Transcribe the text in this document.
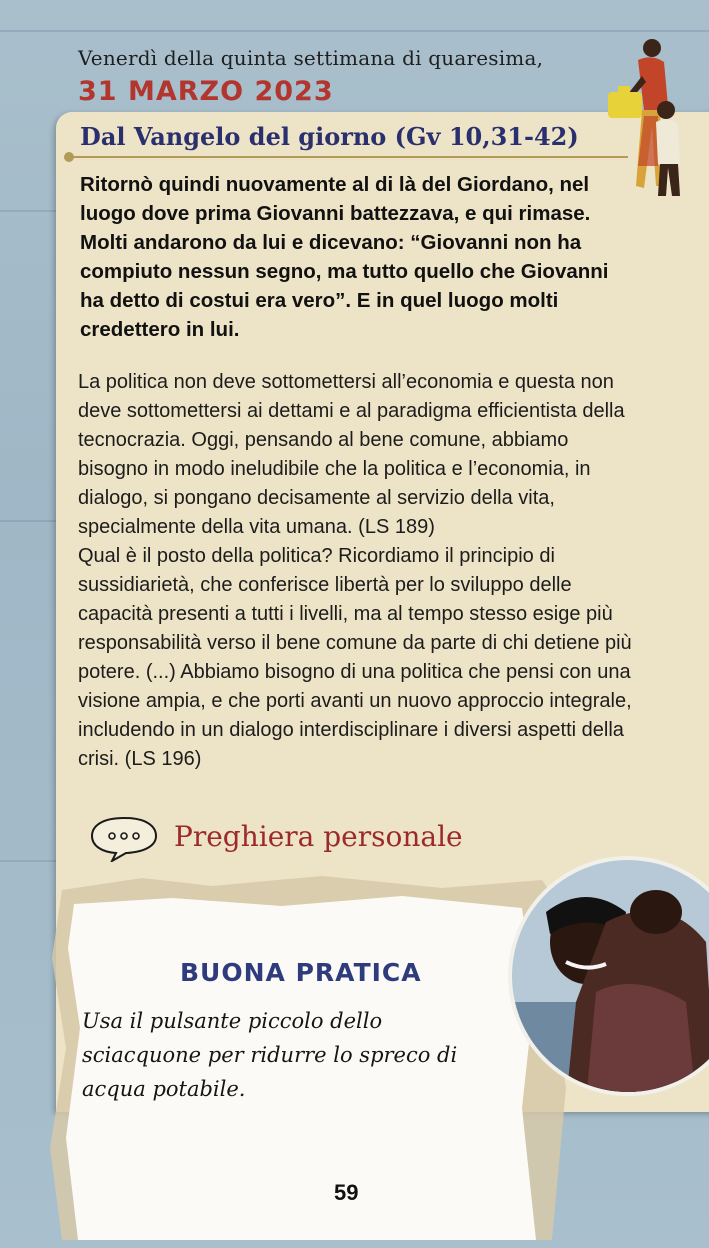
Venerdì della quinta settimana di quaresima,
31 MARZO 2023
Dal Vangelo del giorno (Gv 10,31-42)

Ritornò quindi nuovamente al di là del Giordano, nel luogo dove prima Giovanni battezzava, e qui rimase. Molti andarono da lui e dicevano: “Giovanni non ha compiuto nessun segno, ma tutto quello che Giovanni ha detto di costui era vero”. E in quel luogo molti credettero in lui.

La politica non deve sottomettersi all’economia e questa non deve sottomettersi ai dettami e al paradigma efficientista della tecnocrazia. Oggi, pensando al bene comune, abbiamo bisogno in modo ineludibile che la politica e l’economia, in dialogo, si pongano decisamente al servizio della vita, specialmente della vita umana. (LS 189)

Qual è il posto della politica? Ricordiamo il principio di sussidiarietà, che conferisce libertà per lo sviluppo delle capacità presenti a tutti i livelli, ma al tempo stesso esige più responsabilità verso il bene comune da parte di chi detiene più potere. (...) Abbiamo bisogno di una politica che pensi con una visione ampia, e che porti avanti un nuovo approccio integrale, includendo in un dialogo interdisciplinare i diversi aspetti della crisi. (LS 196)

Preghiera personale
BUONA PRATICA

Usa il pulsante piccolo dello sciacquone per ridurre lo spreco di acqua potabile.

59
